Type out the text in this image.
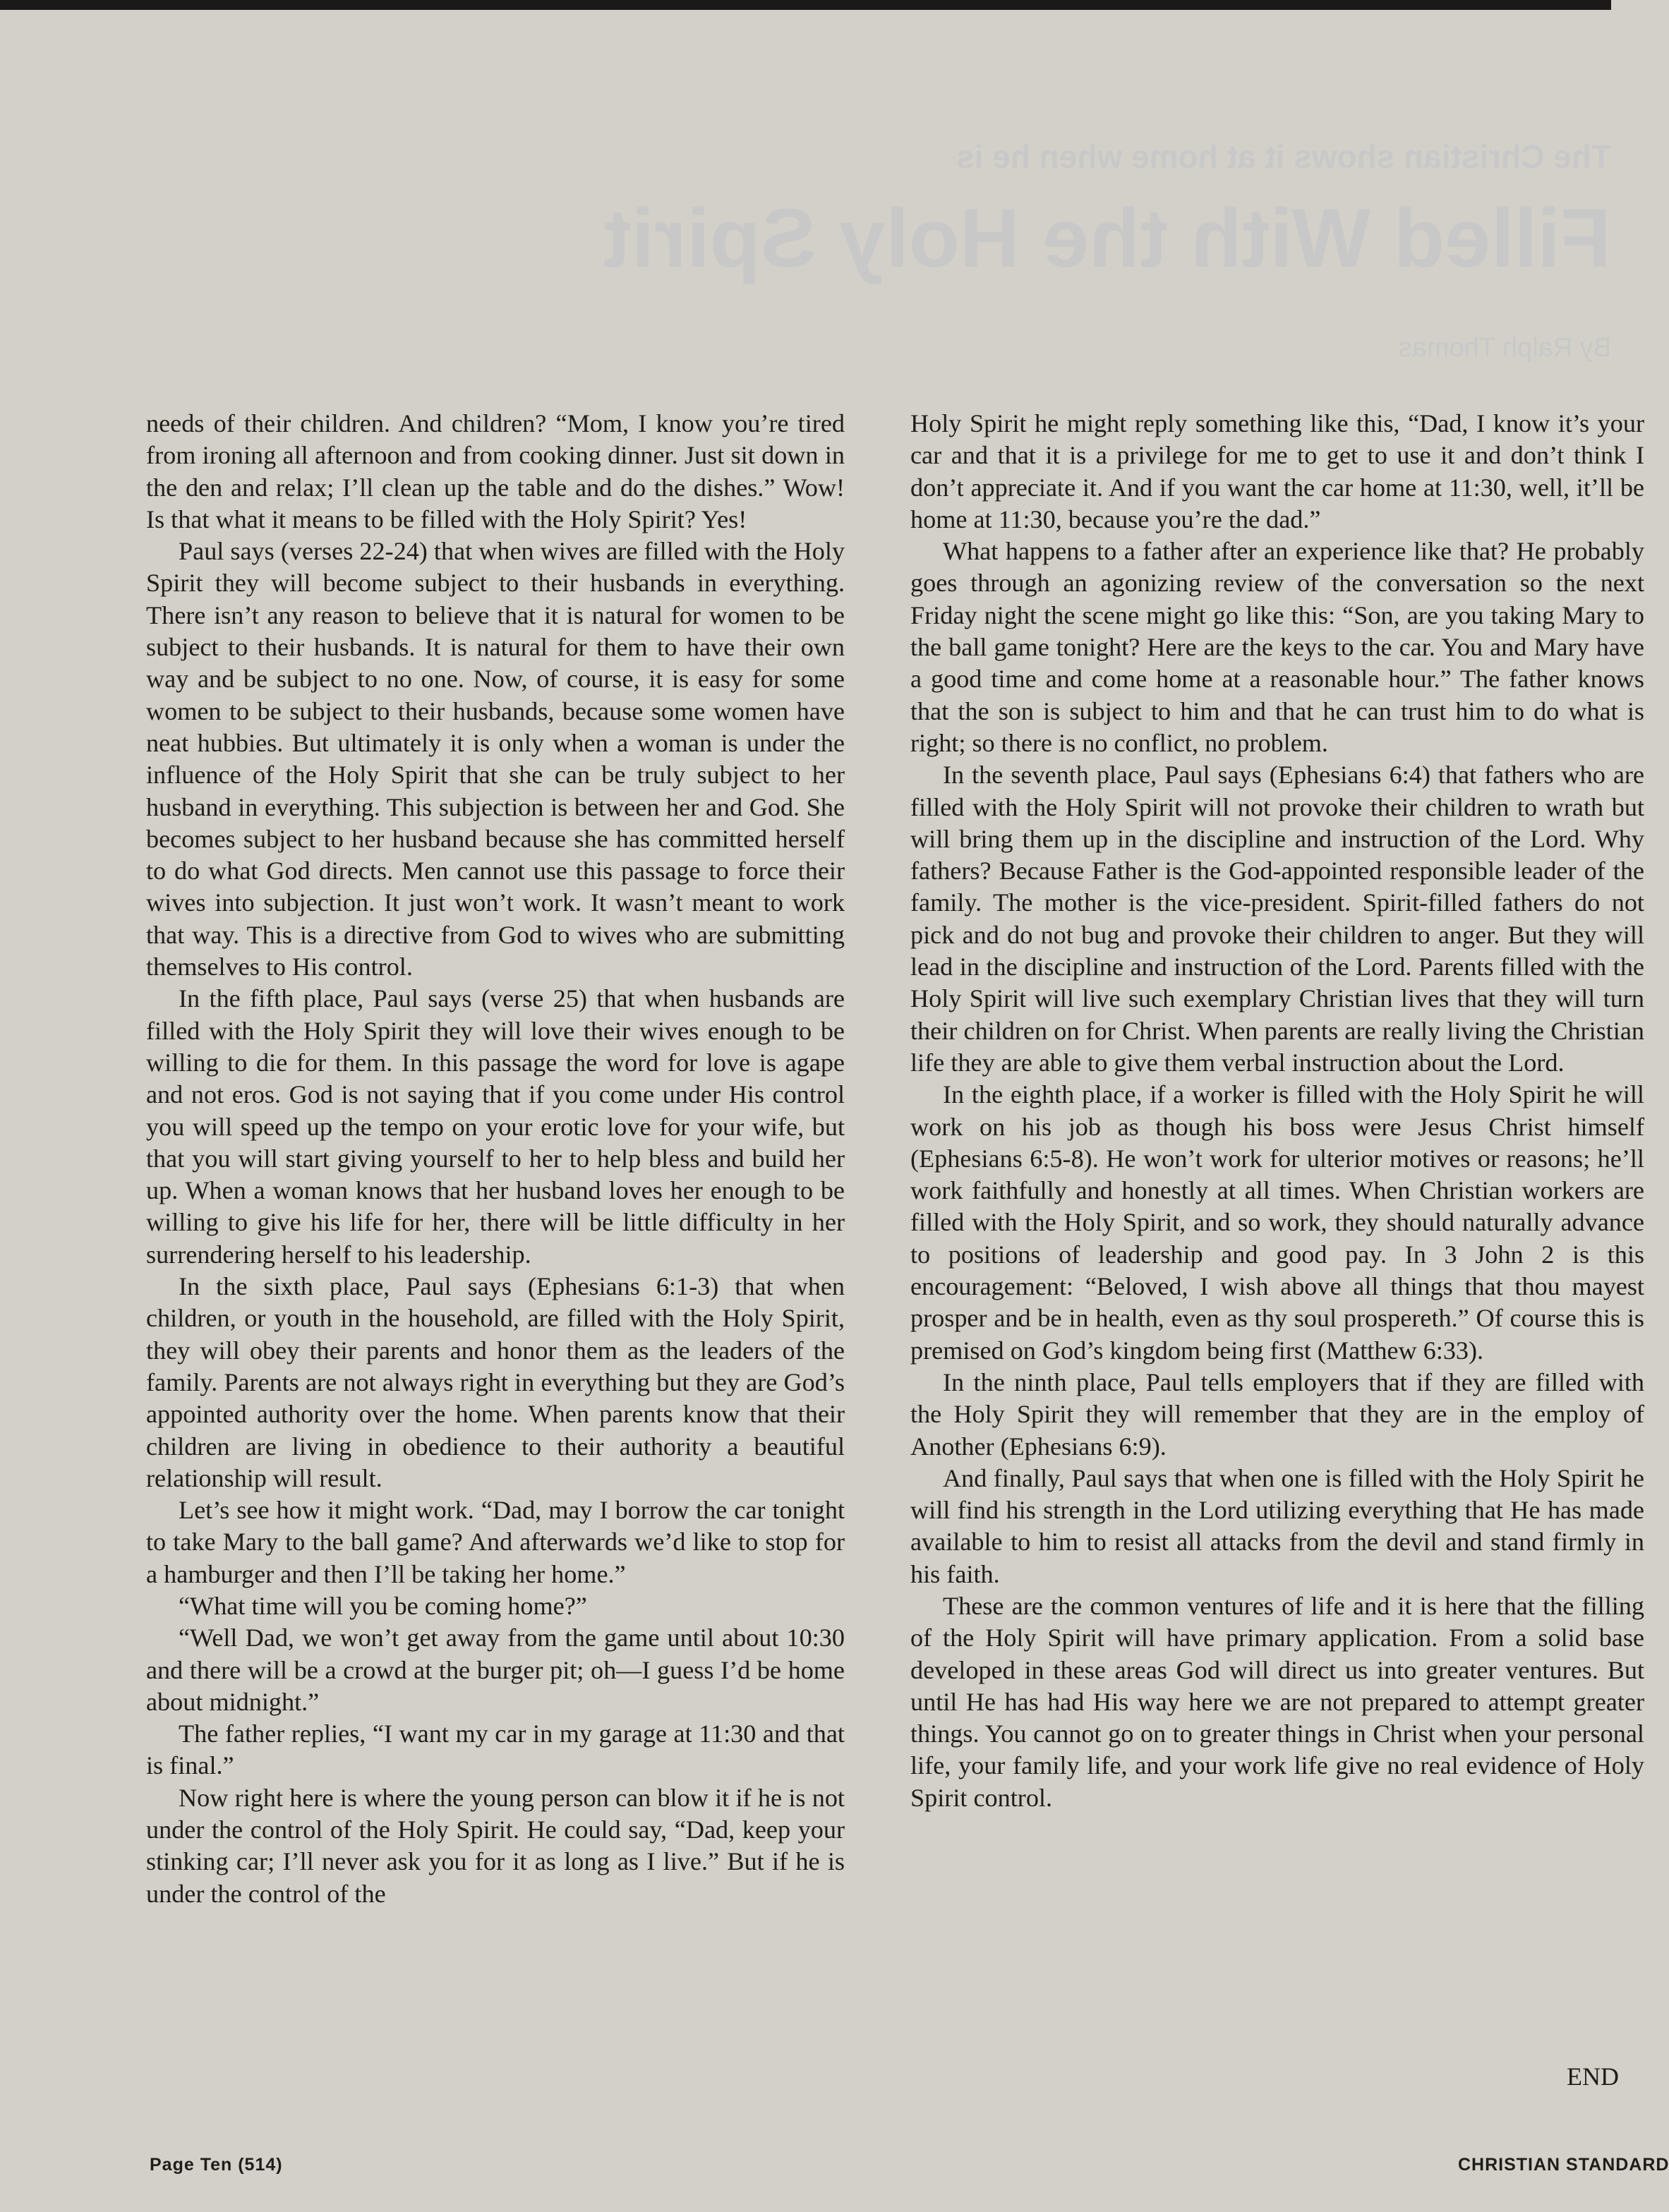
The Christian shows it at home when he is
Filled With the Holy Spirit
By Ralph Thomas

needs of their children. And children? “Mom, I know you’re tired from ironing all afternoon and from cooking dinner. Just sit down in the den and relax; I’ll clean up the table and do the dishes.” Wow! Is that what it means to be filled with the Holy Spirit? Yes!

Paul says (verses 22-24) that when wives are filled with the Holy Spirit they will become subject to their husbands in everything. There isn’t any reason to believe that it is natural for women to be subject to their husbands. It is natural for them to have their own way and be subject to no one. Now, of course, it is easy for some women to be subject to their husbands, because some women have neat hubbies. But ultimately it is only when a woman is under the influence of the Holy Spirit that she can be truly subject to her husband in everything. This subjection is between her and God. She becomes subject to her husband because she has committed herself to do what God directs. Men cannot use this passage to force their wives into subjection. It just won’t work. It wasn’t meant to work that way. This is a directive from God to wives who are submitting themselves to His control.

In the fifth place, Paul says (verse 25) that when husbands are filled with the Holy Spirit they will love their wives enough to be willing to die for them. In this passage the word for love is agape and not eros. God is not saying that if you come under His control you will speed up the tempo on your erotic love for your wife, but that you will start giving yourself to her to help bless and build her up. When a woman knows that her husband loves her enough to be willing to give his life for her, there will be little difficulty in her surrendering herself to his leadership.

In the sixth place, Paul says (Ephesians 6:1-3) that when children, or youth in the household, are filled with the Holy Spirit, they will obey their parents and honor them as the leaders of the family. Parents are not always right in everything but they are God’s appointed authority over the home. When parents know that their children are living in obedience to their authority a beautiful relationship will result.

Let’s see how it might work. “Dad, may I borrow the car tonight to take Mary to the ball game? And afterwards we’d like to stop for a hamburger and then I’ll be taking her home.”

“What time will you be coming home?”

“Well Dad, we won’t get away from the game until about 10:30 and there will be a crowd at the burger pit; oh—I guess I’d be home about midnight.”

The father replies, “I want my car in my garage at 11:30 and that is final.”

Now right here is where the young person can blow it if he is not under the control of the Holy Spirit. He could say, “Dad, keep your stinking car; I’ll never ask you for it as long as I live.” But if he is under the control of the

Holy Spirit he might reply something like this, “Dad, I know it’s your car and that it is a privilege for me to get to use it and don’t think I don’t appreciate it. And if you want the car home at 11:30, well, it’ll be home at 11:30, because you’re the dad.”

What happens to a father after an experience like that? He probably goes through an agonizing review of the conversation so the next Friday night the scene might go like this: “Son, are you taking Mary to the ball game tonight? Here are the keys to the car. You and Mary have a good time and come home at a reasonable hour.” The father knows that the son is subject to him and that he can trust him to do what is right; so there is no conflict, no problem.

In the seventh place, Paul says (Ephesians 6:4) that fathers who are filled with the Holy Spirit will not provoke their children to wrath but will bring them up in the discipline and instruction of the Lord. Why fathers? Because Father is the God-appointed responsible leader of the family. The mother is the vice-president. Spirit-filled fathers do not pick and do not bug and provoke their children to anger. But they will lead in the discipline and instruction of the Lord. Parents filled with the Holy Spirit will live such exemplary Christian lives that they will turn their children on for Christ. When parents are really living the Christian life they are able to give them verbal instruction about the Lord.

In the eighth place, if a worker is filled with the Holy Spirit he will work on his job as though his boss were Jesus Christ himself (Ephesians 6:5-8). He won’t work for ulterior motives or reasons; he’ll work faithfully and honestly at all times. When Christian workers are filled with the Holy Spirit, and so work, they should naturally advance to positions of leadership and good pay. In 3 John 2 is this encouragement: “Beloved, I wish above all things that thou mayest prosper and be in health, even as thy soul prospereth.” Of course this is premised on God’s kingdom being first (Matthew 6:33).

In the ninth place, Paul tells employers that if they are filled with the Holy Spirit they will remember that they are in the employ of Another (Ephesians 6:9).

And finally, Paul says that when one is filled with the Holy Spirit he will find his strength in the Lord utilizing everything that He has made available to him to resist all attacks from the devil and stand firmly in his faith.

These are the common ventures of life and it is here that the filling of the Holy Spirit will have primary application. From a solid base developed in these areas God will direct us into greater ventures. But until He has had His way here we are not prepared to attempt greater things. You cannot go on to greater things in Christ when your personal life, your family life, and your work life give no real evidence of Holy Spirit control.

END
Page Ten (514)	CHRISTIAN STANDARD
